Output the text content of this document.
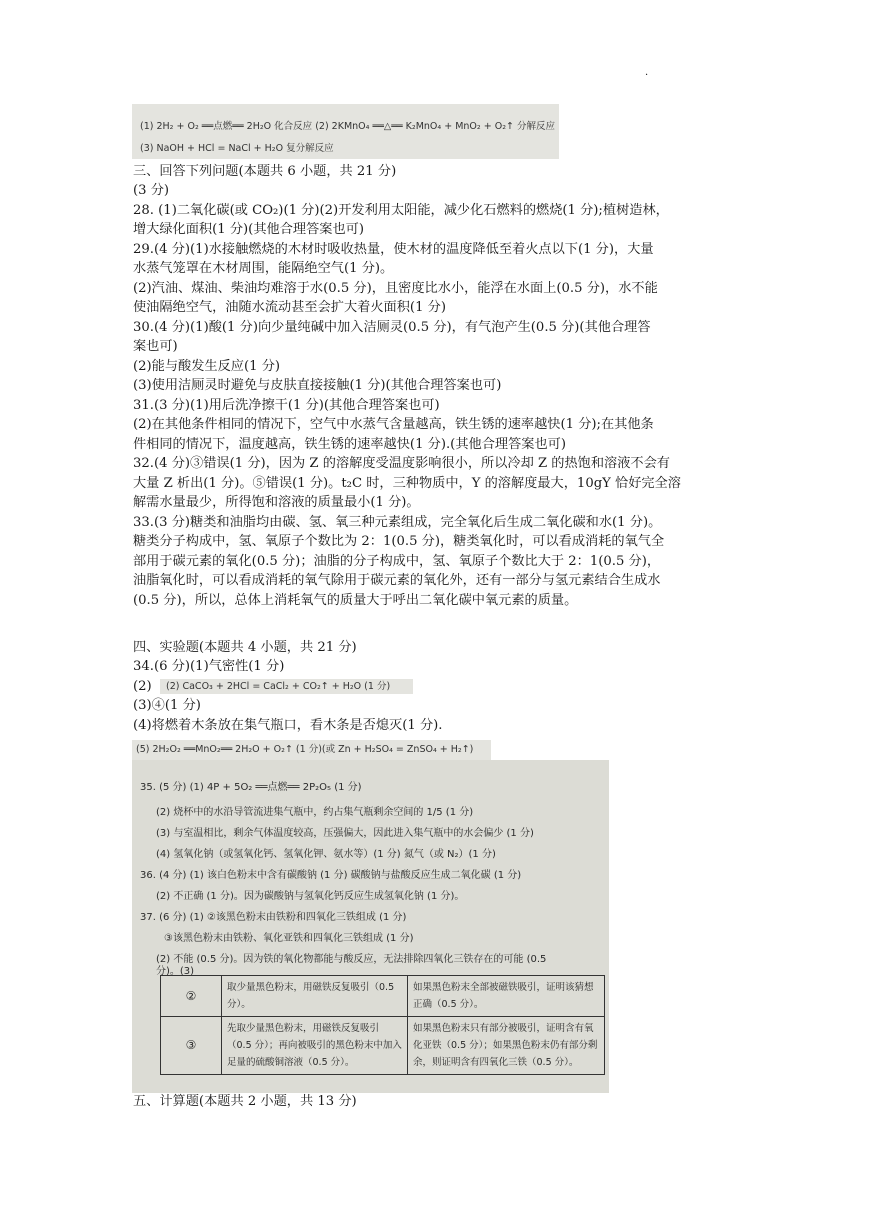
·
(1) 2H₂ + O₂ ══点燃══ 2H₂O 化合反应 (2) 2KMnO₄ ══△══ K₂MnO₄ + MnO₂ + O₂↑ 分解反应
(3) NaOH + HCl = NaCl + H₂O 复分解反应
三、回答下列问题(本题共 6 小题，共 21 分)
(3 分)
28. (1)二氧化碳(或 CO₂)(1 分)(2)开发利用太阳能，减少化石燃料的燃烧(1 分);植树造林，
增大绿化面积(1 分)(其他合理答案也可)
29.(4 分)(1)水接触燃烧的木材时吸收热量，使木材的温度降低至着火点以下(1 分)，大量
水蒸气笼罩在木材周围，能隔绝空气(1 分)。
(2)汽油、煤油、柴油均难溶于水(0.5 分)，且密度比水小，能浮在水面上(0.5 分)，水不能
使油隔绝空气，油随水流动甚至会扩大着火面积(1 分)
30.(4 分)(1)酸(1 分)向少量纯碱中加入洁厕灵(0.5 分)，有气泡产生(0.5 分)(其他合理答
案也可)
(2)能与酸发生反应(1 分)
(3)使用洁厕灵时避免与皮肤直接接触(1 分)(其他合理答案也可)
31.(3 分)(1)用后洗净擦干(1 分)(其他合理答案也可)
(2)在其他条件相同的情况下，空气中水蒸气含量越高，铁生锈的速率越快(1 分);在其他条
件相同的情况下，温度越高，铁生锈的速率越快(1 分).(其他合理答案也可)
32.(4 分)③错误(1 分)，因为 Z 的溶解度受温度影响很小，所以冷却 Z 的热饱和溶液不会有
大量 Z 析出(1 分)。⑤错误(1 分)。t₂C 时，三种物质中，Y 的溶解度最大，10gY 恰好完全溶
解需水量最少，所得饱和溶液的质量最小(1 分)。
33.(3 分)糖类和油脂均由碳、氢、氧三种元素组成，完全氧化后生成二氧化碳和水(1 分)。
糖类分子构成中，氢、氧原子个数比为 2：1(0.5 分)，糖类氧化时，可以看成消耗的氧气全
部用于碳元素的氧化(0.5 分)；油脂的分子构成中，氢、氧原子个数比大于 2：1(0.5 分)，
油脂氧化时，可以看成消耗的氧气除用于碳元素的氧化外，还有一部分与氢元素结合生成水
(0.5 分)，所以，总体上消耗氧气的质量大于呼出二氧化碳中氧元素的质量。
四、实验题(本题共 4 小题，共 21 分)
34.(6 分)(1)气密性(1 分)
(2)	(2) CaCO₃ + 2HCl = CaCl₂ + CO₂↑ + H₂O (1 分)
(3)④(1 分)
(4)将燃着木条放在集气瓶口，看木条是否熄灭(1 分).
(5) 2H₂O₂ ══MnO₂══ 2H₂O + O₂↑ (1 分)(或 Zn + H₂SO₄ = ZnSO₄ + H₂↑)
35. (5 分) (1) 4P + 5O₂ ══点燃══ 2P₂O₅ (1 分)
(2) 烧杯中的水沿导管流进集气瓶中，约占集气瓶剩余空间的 1/5 (1 分)
(3) 与室温相比，剩余气体温度较高，压强偏大，因此进入集气瓶中的水会偏少 (1 分)
(4) 氢氧化钠（或氢氧化钙、氢氧化钾、氨水等）(1 分) 氮气（或 N₂）(1 分)
36. (4 分) (1) 该白色粉末中含有碳酸钠 (1 分) 碳酸钠与盐酸反应生成二氧化碳 (1 分)
(2) 不正确 (1 分)。因为碳酸钠与氢氧化钙反应生成氢氧化钠 (1 分)。
37. (6 分) (1) ②该黑色粉末由铁粉和四氧化三铁组成 (1 分)
③该黑色粉末由铁粉、氧化亚铁和四氧化三铁组成 (1 分)
(2) 不能 (0.5 分)。因为铁的氧化物都能与酸反应，无法排除四氧化三铁存在的可能 (0.5
分)。(3)
②	取少量黑色粉末，用磁铁反复吸引（0.5 分）。	如果黑色粉末全部被磁铁吸引，证明该猜想正确（0.5 分）。
③	先取少量黑色粉末，用磁铁反复吸引（0.5 分）；再向被吸引的黑色粉末中加入足量的硫酸铜溶液（0.5 分）。	如果黑色粉末只有部分被吸引，证明含有氧化亚铁（0.5 分）；如果黑色粉末仍有部分剩余，则证明含有四氧化三铁（0.5 分）。
五、计算题(本题共 2 小题，共 13 分)
